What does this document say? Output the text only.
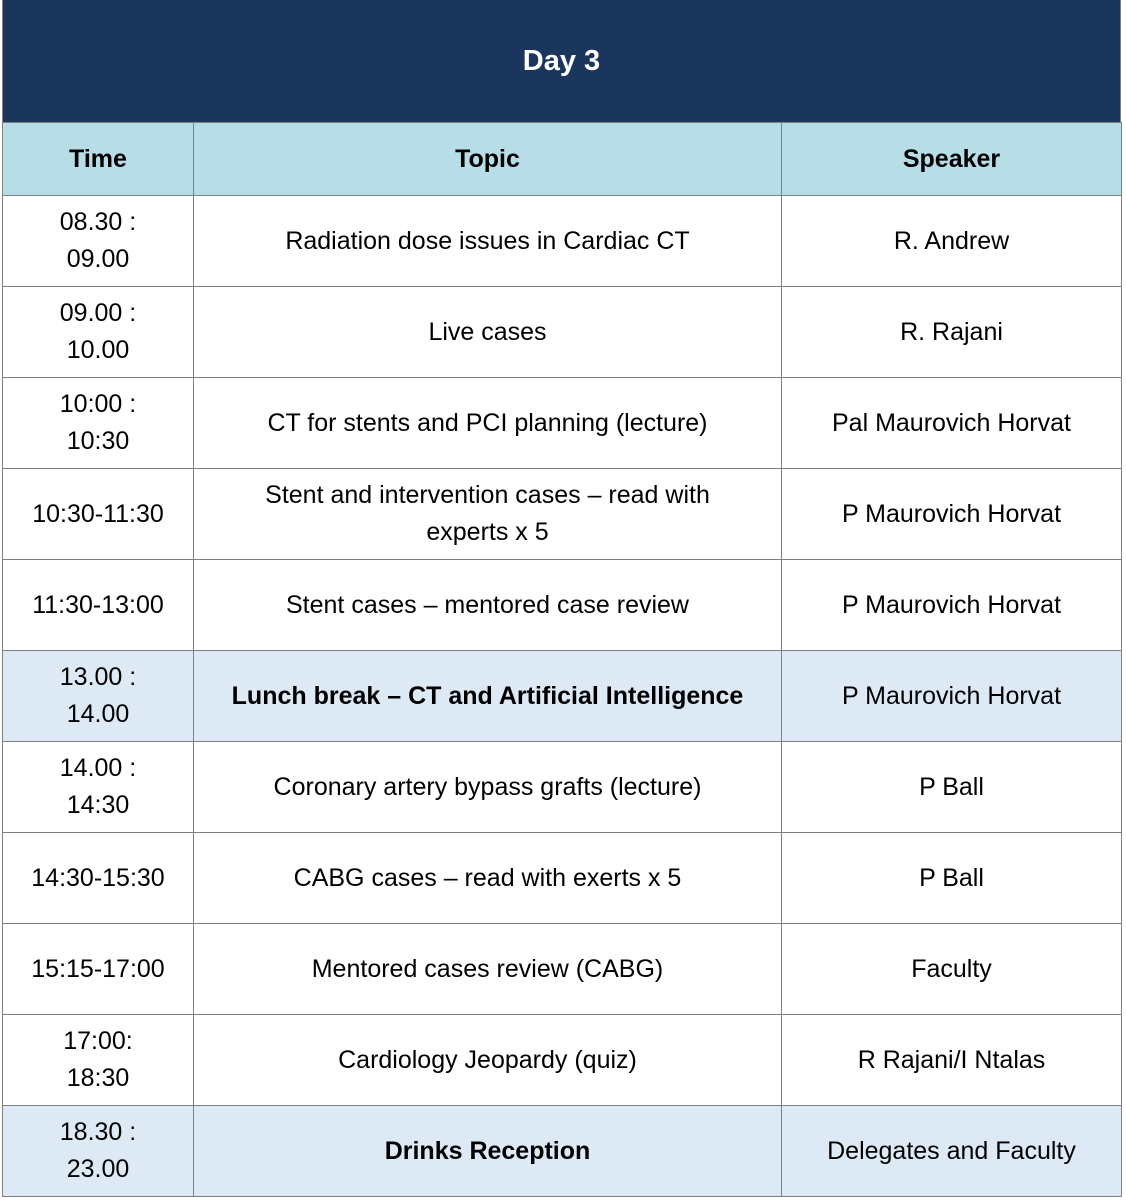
Day 3
Time	Topic	Speaker
08.30 : 09.00	Radiation dose issues in Cardiac CT	R. Andrew
09.00 : 10.00	Live cases	R. Rajani
10:00 : 10:30	CT for stents and PCI planning (lecture)	Pal Maurovich Horvat
10:30-11:30	Stent and intervention cases – read with experts x 5	P Maurovich Horvat
11:30-13:00	Stent cases – mentored case review	P Maurovich Horvat
13.00 : 14.00	Lunch break – CT and Artificial Intelligence	P Maurovich Horvat
14.00 : 14:30	Coronary artery bypass grafts (lecture)	P Ball
14:30-15:30	CABG cases – read with exerts x 5	P Ball
15:15-17:00	Mentored cases review (CABG)	Faculty
17:00: 18:30	Cardiology Jeopardy (quiz)	R Rajani/I Ntalas
18.30 : 23.00	Drinks Reception	Delegates and Faculty
